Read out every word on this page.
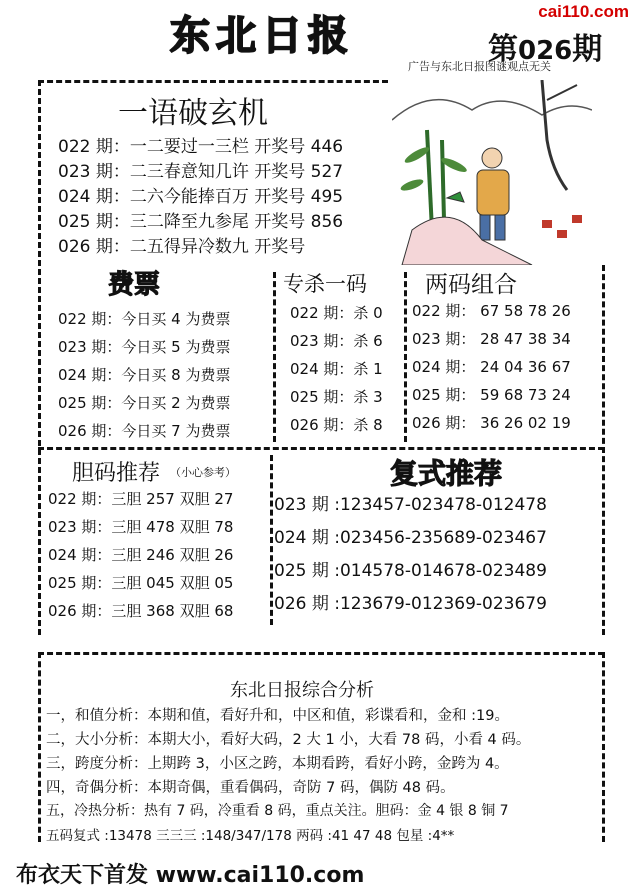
东北日报
cai110.com
第026期
广告与东北日报图谜观点无关
一语破玄机
022 期：一二要过一三栏 开奖号 446
023 期：二三春意知几许 开奖号 527
024 期：二六今能捧百万 开奖号 495
025 期：三二降至九参尾 开奖号 856
026 期：二五得异冷数九 开奖号
费票
022 期：今日买 4 为费票
023 期：今日买 5 为费票
024 期：今日买 8 为费票
025 期：今日买 2 为费票
026 期：今日买 7 为费票
专杀一码
022 期：杀 0
023 期：杀 6
024 期：杀 1
025 期：杀 3
026 期：杀 8
两码组合
022 期： 67 58 78 26
023 期： 28 47 38 34
024 期： 24 04 36 67
025 期： 59 68 73 24
026 期： 36 26 02 19
胆码推荐 （小心参考）
022 期：三胆 257 双胆 27
023 期：三胆 478 双胆 78
024 期：三胆 246 双胆 26
025 期：三胆 045 双胆 05
026 期：三胆 368 双胆 68
复式推荐
023 期 :123457-023478-012478
024 期 :023456-235689-023467
025 期 :014578-014678-023489
026 期 :123679-012369-023679
东北日报综合分析
一，和值分析：本期和值，看好升和，中区和值，彩谍看和，金和 :19。
二，大小分析：本期大小，看好大码，2 大 1 小，大看 78 码，小看 4 码。
三，跨度分析：上期跨 3，小区之跨，本期看跨，看好小跨，金跨为 4。
四，奇偶分析：本期奇偶，重看偶码，奇防 7 码，偶防 48 码。
五，冷热分析：热有 7 码，冷重看 8 码，重点关注。胆码：金 4 银 8 铜 7
五码复式 :13478 三三三 :148/347/178 两码 :41 47 48 包星 :4**
布衣天下首发 www.cai110.com
